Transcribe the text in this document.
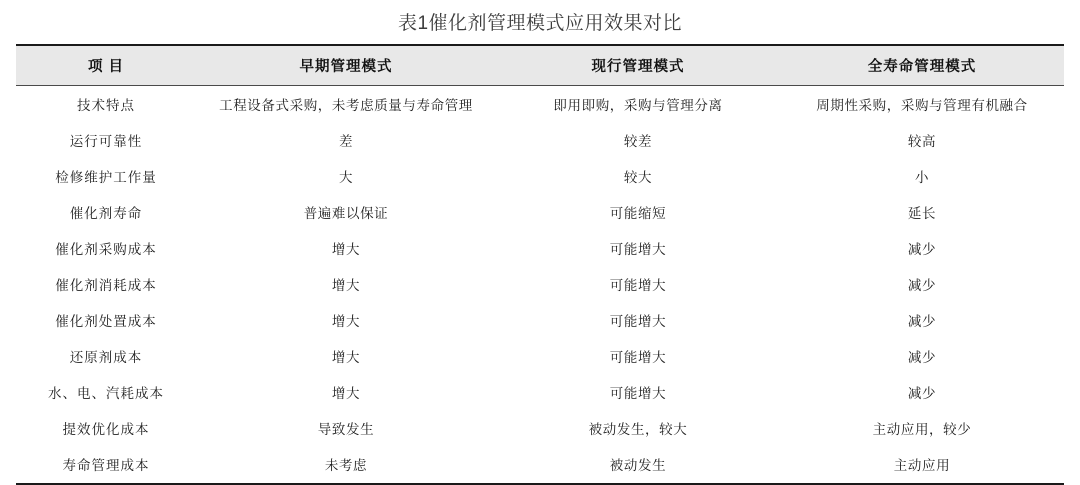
表1催化剂管理模式应用效果对比
项 目	早期管理模式	现行管理模式	全寿命管理模式
技术特点	工程设备式采购，未考虑质量与寿命管理	即用即购，采购与管理分离	周期性采购，采购与管理有机融合
运行可靠性	差	较差	较高
检修维护工作量	大	较大	小
催化剂寿命	普遍难以保证	可能缩短	延长
催化剂采购成本	增大	可能增大	减少
催化剂消耗成本	增大	可能增大	减少
催化剂处置成本	增大	可能增大	减少
还原剂成本	增大	可能增大	减少
水、电、汽耗成本	增大	可能增大	减少
提效优化成本	导致发生	被动发生，较大	主动应用，较少
寿命管理成本	未考虑	被动发生	主动应用
